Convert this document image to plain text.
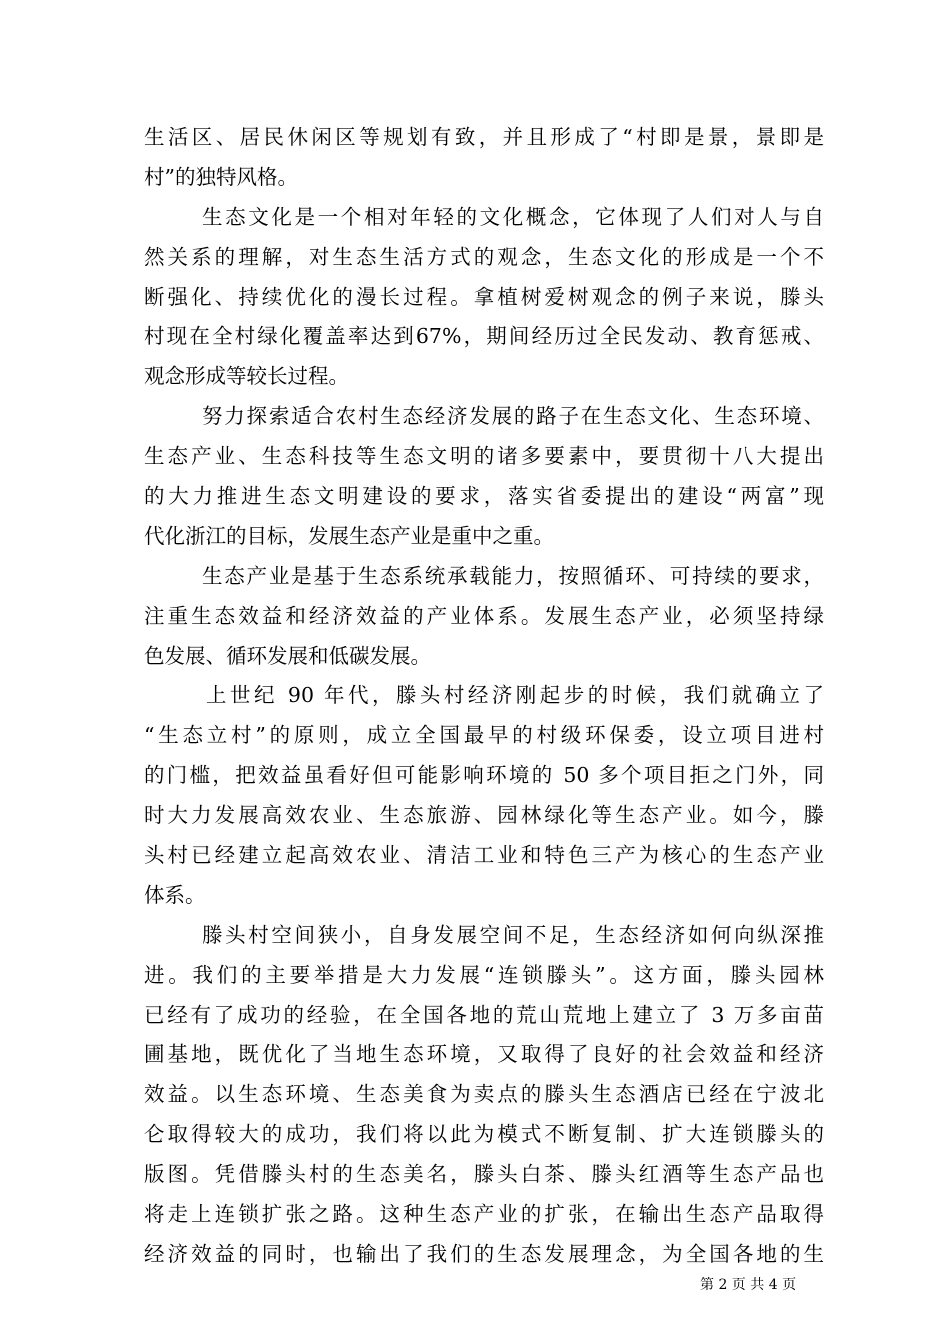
生活区、居民休闲区等规划有致，并且形成了“村即是景，景即是
村”的独特风格。
生态文化是一个相对年轻的文化概念，它体现了人们对人与自
然关系的理解，对生态生活方式的观念，生态文化的形成是一个不
断强化、持续优化的漫长过程。拿植树爱树观念的例子来说，滕头
村现在全村绿化覆盖率达到67%，期间经历过全民发动、教育惩戒、
观念形成等较长过程。
努力探索适合农村生态经济发展的路子在生态文化、生态环境、
生态产业、生态科技等生态文明的诸多要素中，要贯彻十八大提出
的大力推进生态文明建设的要求，落实省委提出的建设“两富”现
代化浙江的目标，发展生态产业是重中之重。
生态产业是基于生态系统承载能力，按照循环、可持续的要求，
注重生态效益和经济效益的产业体系。发展生态产业，必须坚持绿
色发展、循环发展和低碳发展。
上世纪 90 年代，滕头村经济刚起步的时候，我们就确立了
“生态立村”的原则，成立全国最早的村级环保委，设立项目进村
的门槛，把效益虽看好但可能影响环境的 50 多个项目拒之门外，同
时大力发展高效农业、生态旅游、园林绿化等生态产业。如今，滕
头村已经建立起高效农业、清洁工业和特色三产为核心的生态产业
体系。
滕头村空间狭小，自身发展空间不足，生态经济如何向纵深推
进。我们的主要举措是大力发展“连锁滕头”。这方面，滕头园林
已经有了成功的经验，在全国各地的荒山荒地上建立了 3 万多亩苗
圃基地，既优化了当地生态环境，又取得了良好的社会效益和经济
效益。以生态环境、生态美食为卖点的滕头生态酒店已经在宁波北
仑取得较大的成功，我们将以此为模式不断复制、扩大连锁滕头的
版图。凭借滕头村的生态美名，滕头白茶、滕头红酒等生态产品也
将走上连锁扩张之路。这种生态产业的扩张，在输出生态产品取得
经济效益的同时，也输出了我们的生态发展理念，为全国各地的生
第 2 页 共 4 页
